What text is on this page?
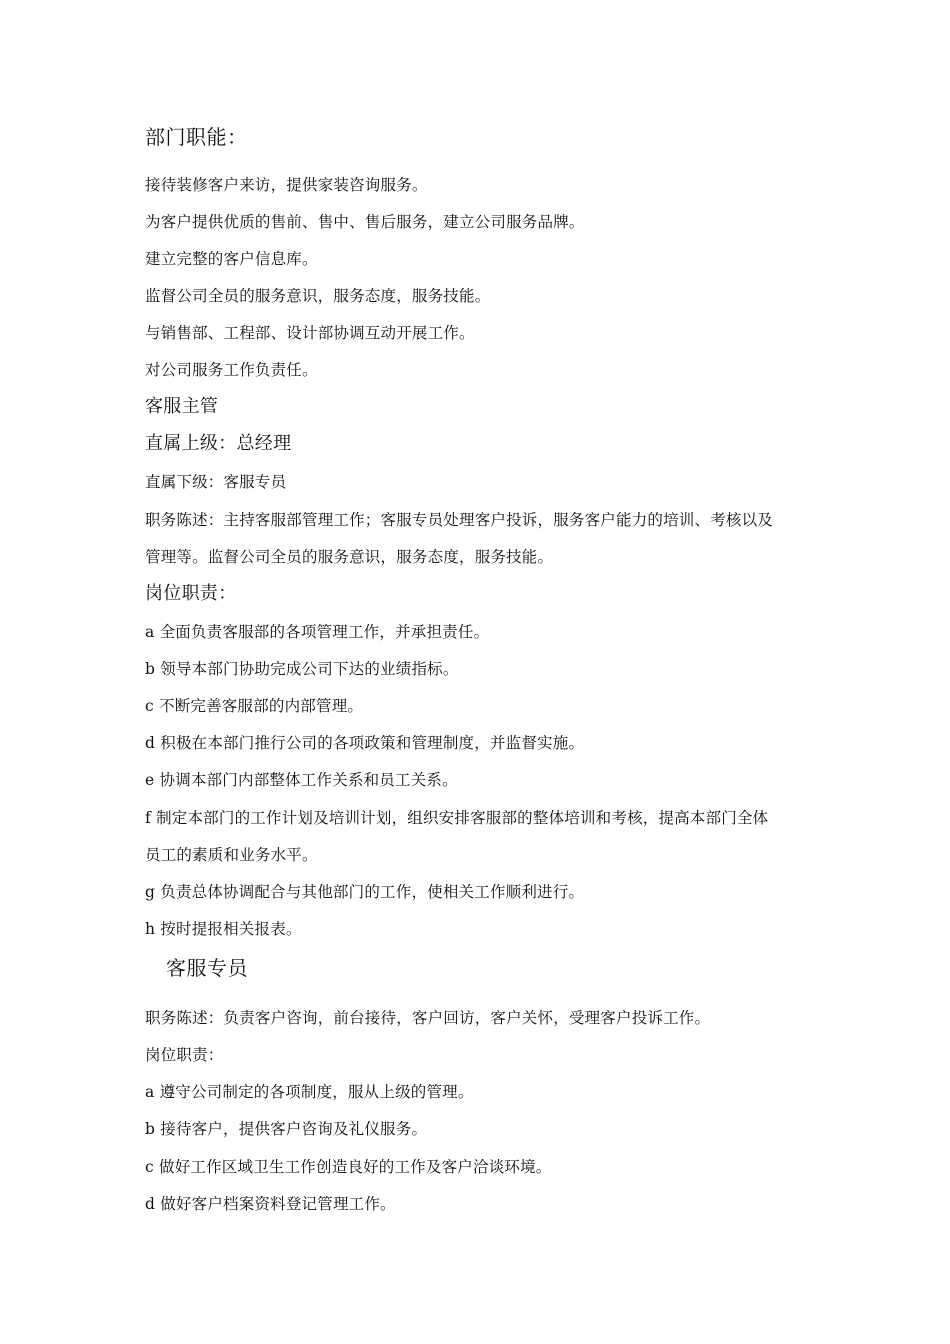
部门职能：
接待装修客户来访，提供家装咨询服务。
为客户提供优质的售前、售中、售后服务，建立公司服务品牌。
建立完整的客户信息库。
监督公司全员的服务意识，服务态度，服务技能。
与销售部、工程部、设计部协调互动开展工作。
对公司服务工作负责任。
客服主管
直属上级：总经理
直属下级：客服专员
职务陈述：主持客服部管理工作；客服专员处理客户投诉，服务客户能力的培训、考核以及
管理等。监督公司全员的服务意识，服务态度，服务技能。
岗位职责：
a 全面负责客服部的各项管理工作，并承担责任。
b 领导本部门协助完成公司下达的业绩指标。
c 不断完善客服部的内部管理。
d 积极在本部门推行公司的各项政策和管理制度，并监督实施。
e 协调本部门内部整体工作关系和员工关系。
f 制定本部门的工作计划及培训计划，组织安排客服部的整体培训和考核，提高本部门全体
员工的素质和业务水平。
g 负责总体协调配合与其他部门的工作，使相关工作顺利进行。
h 按时提报相关报表。
客服专员
职务陈述：负责客户咨询，前台接待，客户回访，客户关怀，受理客户投诉工作。
岗位职责：
a 遵守公司制定的各项制度，服从上级的管理。
b 接待客户，提供客户咨询及礼仪服务。
c 做好工作区域卫生工作创造良好的工作及客户洽谈环境。
d 做好客户档案资料登记管理工作。
